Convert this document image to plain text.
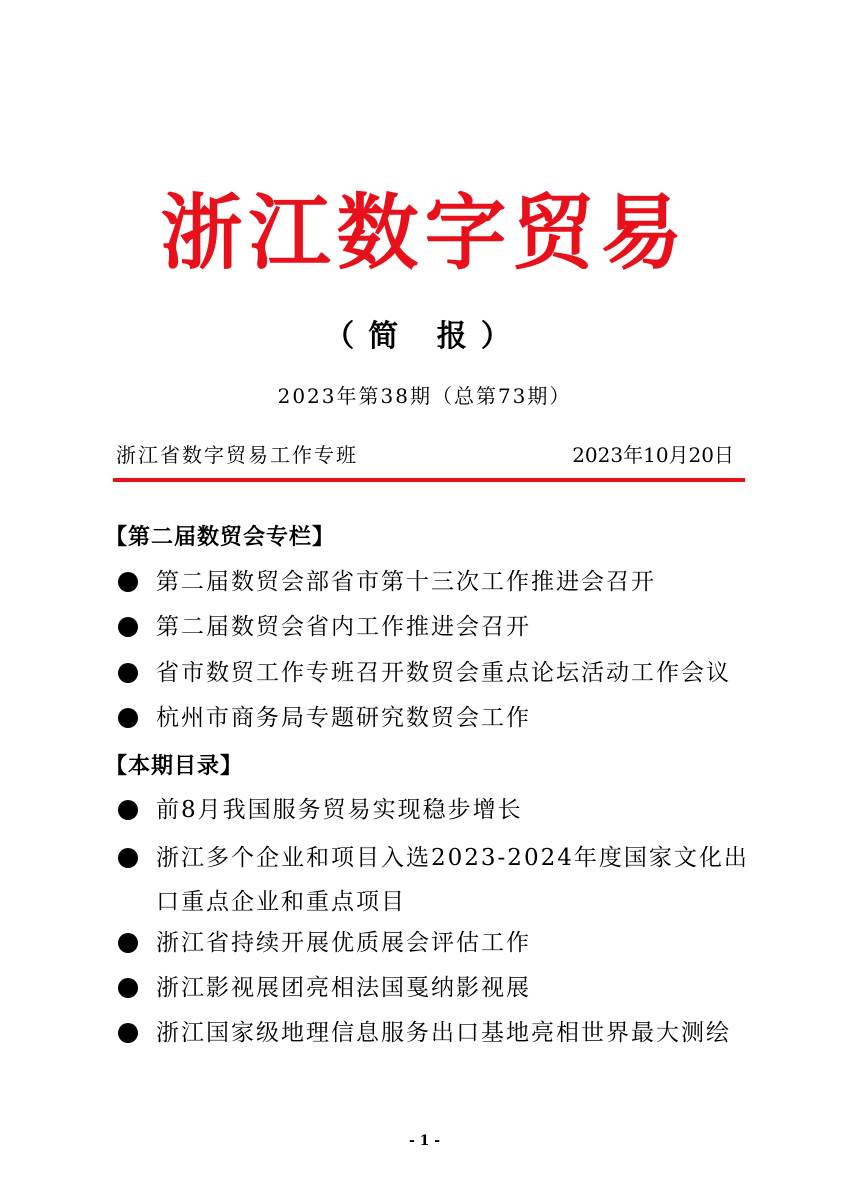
浙江数字贸易
（简 报）
2023年第38期（总第73期）
浙江省数字贸易工作专班	2023年10月20日
【第二届数贸会专栏】
第二届数贸会部省市第十三次工作推进会召开
第二届数贸会省内工作推进会召开
省市数贸工作专班召开数贸会重点论坛活动工作会议
杭州市商务局专题研究数贸会工作
【本期目录】
前8月我国服务贸易实现稳步增长
浙江多个企业和项目入选2023-2024年度国家文化出口重点企业和重点项目
浙江省持续开展优质展会评估工作
浙江影视展团亮相法国戛纳影视展
浙江国家级地理信息服务出口基地亮相世界最大测绘
- 1 -
